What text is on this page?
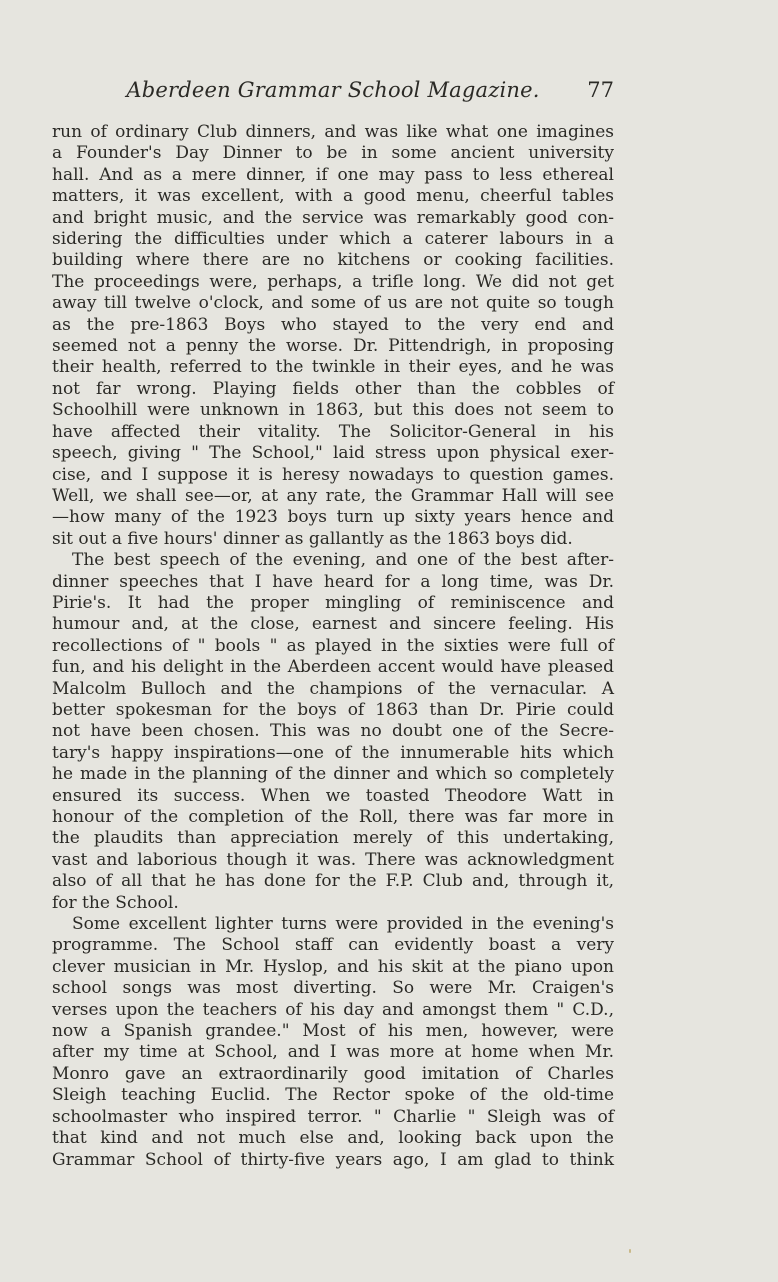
Aberdeen Grammar School Magazine.	77
run of ordinary Club dinners, and was like what one imagines
a Founder's Day Dinner to be in some ancient university
hall. And as a mere dinner, if one may pass to less ethereal
matters, it was excellent, with a good menu, cheerful tables
and bright music, and the service was remarkably good con-
sidering the difficulties under which a caterer labours in a
building where there are no kitchens or cooking facilities.
The proceedings were, perhaps, a trifle long. We did not get
away till twelve o'clock, and some of us are not quite so tough
as the pre-1863 Boys who stayed to the very end and
seemed not a penny the worse. Dr. Pittendrigh, in proposing
their health, referred to the twinkle in their eyes, and he was
not far wrong. Playing fields other than the cobbles of
Schoolhill were unknown in 1863, but this does not seem to
have affected their vitality. The Solicitor-General in his
speech, giving " The School," laid stress upon physical exer-
cise, and I suppose it is heresy nowadays to question games.
Well, we shall see—or, at any rate, the Grammar Hall will see
—how many of the 1923 boys turn up sixty years hence and
sit out a five hours' dinner as gallantly as the 1863 boys did.
The best speech of the evening, and one of the best after-
dinner speeches that I have heard for a long time, was Dr.
Pirie's. It had the proper mingling of reminiscence and
humour and, at the close, earnest and sincere feeling. His
recollections of " bools " as played in the sixties were full of
fun, and his delight in the Aberdeen accent would have pleased
Malcolm Bulloch and the champions of the vernacular. A
better spokesman for the boys of 1863 than Dr. Pirie could
not have been chosen. This was no doubt one of the Secre-
tary's happy inspirations—one of the innumerable hits which
he made in the planning of the dinner and which so completely
ensured its success. When we toasted Theodore Watt in
honour of the completion of the Roll, there was far more in
the plaudits than appreciation merely of this undertaking,
vast and laborious though it was. There was acknowledgment
also of all that he has done for the F.P. Club and, through it,
for the School.
Some excellent lighter turns were provided in the evening's
programme. The School staff can evidently boast a very
clever musician in Mr. Hyslop, and his skit at the piano upon
school songs was most diverting. So were Mr. Craigen's
verses upon the teachers of his day and amongst them " C.D.,
now a Spanish grandee." Most of his men, however, were
after my time at School, and I was more at home when Mr.
Monro gave an extraordinarily good imitation of Charles
Sleigh teaching Euclid. The Rector spoke of the old-time
schoolmaster who inspired terror. " Charlie " Sleigh was of
that kind and not much else and, looking back upon the
Grammar School of thirty-five years ago, I am glad to think
